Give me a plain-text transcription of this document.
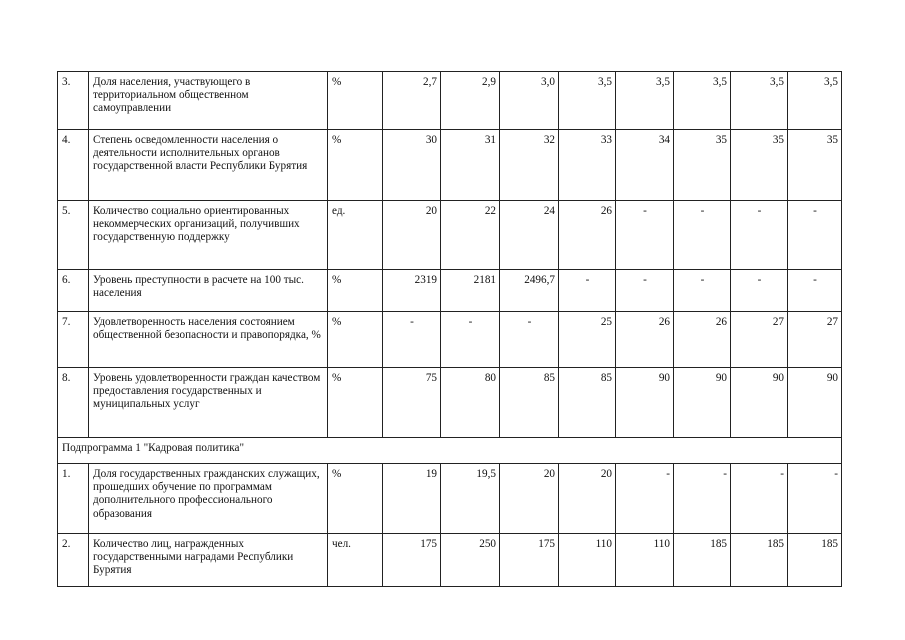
3.	Доля населения, участвующего в территориальном общественном самоуправлении	%	2,7	2,9	3,0	3,5	3,5	3,5	3,5	3,5
4.	Степень осведомленности населения о деятельности исполнительных органов государственной власти Республики Бурятия	%	30	31	32	33	34	35	35	35
5.	Количество социально ориентированных некоммерческих организаций, получивших государственную поддержку	ед.	20	22	24	26	-	-	-	-
6.	Уровень преступности в расчете на 100 тыс. населения	%	2319	2181	2496,7	-	-	-	-	-
7.	Удовлетворенность населения состоянием общественной безопасности и правопорядка, %	%	-	-	-	25	26	26	27	27
8.	Уровень удовлетворенности граждан качеством предоставления государственных и муниципальных услуг	%	75	80	85	85	90	90	90	90
Подпрограмма 1 "Кадровая политика"										
1.	Доля государственных гражданских служащих, прошедших обучение по программам дополнительного профессионального образования	%	19	19,5	20	20	-	-	-	-
2.	Количество лиц, награжденных государственными наградами Республики Бурятия	чел.	175	250	175	110	110	185	185	185
